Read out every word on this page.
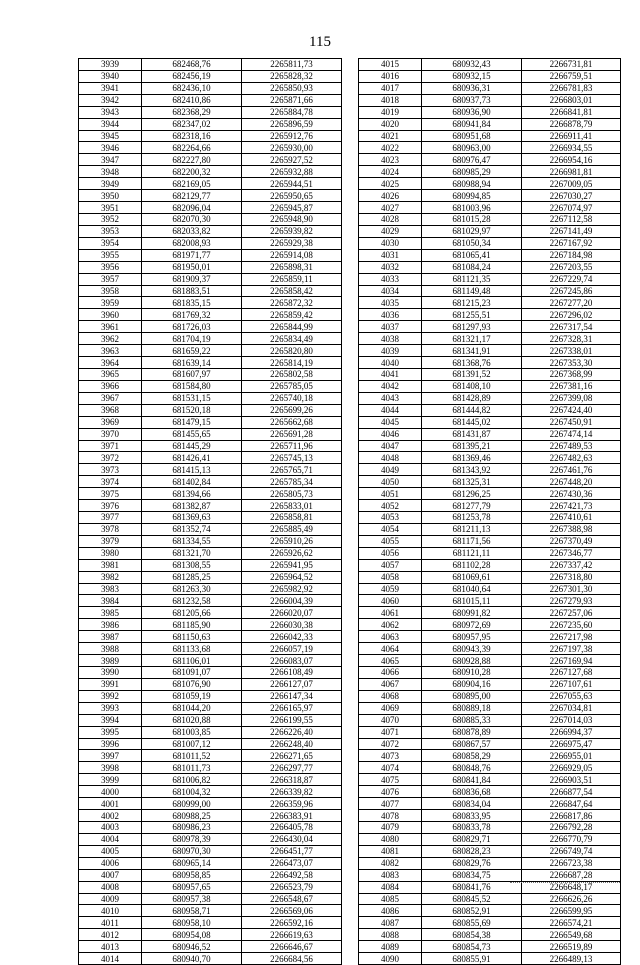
115
3939	682468,76	2265811,73
3940	682456,19	2265828,32
3941	682436,10	2265850,93
3942	682410,86	2265871,66
3943	682368,29	2265884,78
3944	682347,02	2265896,59
3945	682318,16	2265912,76
3946	682264,66	2265930,00
3947	682227,80	2265927,52
3948	682200,32	2265932,88
3949	682169,05	2265944,51
3950	682129,77	2265950,65
3951	682096,04	2265945,87
3952	682070,30	2265948,90
3953	682033,82	2265939,82
3954	682008,93	2265929,38
3955	681971,77	2265914,08
3956	681950,01	2265898,31
3957	681909,37	2265859,11
3958	681883,51	2265858,42
3959	681835,15	2265872,32
3960	681769,32	2265859,42
3961	681726,03	2265844,99
3962	681704,19	2265834,49
3963	681659,22	2265820,80
3964	681639,14	2265814,19
3965	681607,97	2265802,58
3966	681584,80	2265785,05
3967	681531,15	2265740,18
3968	681520,18	2265699,26
3969	681479,15	2265662,68
3970	681455,65	2265691,28
3971	681445,29	2265711,96
3972	681426,41	2265745,13
3973	681415,13	2265765,71
3974	681402,84	2265785,34
3975	681394,66	2265805,73
3976	681382,87	2265833,01
3977	681369,63	2265858,81
3978	681352,74	2265885,49
3979	681334,55	2265910,26
3980	681321,70	2265926,62
3981	681308,55	2265941,95
3982	681285,25	2265964,52
3983	681263,30	2265982,92
3984	681232,58	2266004,39
3985	681205,66	2266020,07
3986	681185,90	2266030,38
3987	681150,63	2266042,33
3988	681133,68	2266057,19
3989	681106,01	2266083,07
3990	681091,07	2266108,49
3991	681076,90	2266127,07
3992	681059,19	2266147,34
3993	681044,20	2266165,97
3994	681020,88	2266199,55
3995	681003,85	2266226,40
3996	681007,12	2266248,40
3997	681011,52	2266271,65
3998	681011,73	2266297,77
3999	681006,82	2266318,87
4000	681004,32	2266339,82
4001	680999,00	2266359,96
4002	680988,25	2266383,91
4003	680986,23	2266405,78
4004	680978,39	2266430,04
4005	680970,30	2266451,77
4006	680965,14	2266473,07
4007	680958,85	2266492,58
4008	680957,65	2266523,79
4009	680957,38	2266548,67
4010	680958,71	2266569,06
4011	680958,10	2266592,16
4012	680954,08	2266619,63
4013	680946,52	2266646,67
4014	680940,70	2266684,56
4015	680932,43	2266731,81
4016	680932,15	2266759,51
4017	680936,31	2266781,83
4018	680937,73	2266803,01
4019	680936,90	2266841,81
4020	680941,84	2266878,79
4021	680951,68	2266911,41
4022	680963,00	2266934,55
4023	680976,47	2266954,16
4024	680985,29	2266981,81
4025	680988,94	2267009,05
4026	680994,85	2267030,27
4027	681003,96	2267074,97
4028	681015,28	2267112,58
4029	681029,97	2267141,49
4030	681050,34	2267167,92
4031	681065,41	2267184,98
4032	681084,24	2267203,55
4033	681121,35	2267229,74
4034	681149,48	2267245,86
4035	681215,23	2267277,20
4036	681255,51	2267296,02
4037	681297,93	2267317,54
4038	681321,17	2267328,31
4039	681341,91	2267338,01
4040	681368,76	2267353,30
4041	681391,52	2267368,99
4042	681408,10	2267381,16
4043	681428,89	2267399,08
4044	681444,82	2267424,40
4045	681445,02	2267450,91
4046	681431,87	2267474,14
4047	681395,21	2267489,53
4048	681369,46	2267482,63
4049	681343,92	2267461,76
4050	681325,31	2267448,20
4051	681296,25	2267430,36
4052	681277,79	2267421,73
4053	681253,78	2267410,61
4054	681211,13	2267388,98
4055	681171,56	2267370,49
4056	681121,11	2267346,77
4057	681102,28	2267337,42
4058	681069,61	2267318,80
4059	681040,64	2267301,30
4060	681015,11	2267279,93
4061	680991,82	2267257,06
4062	680972,69	2267235,60
4063	680957,95	2267217,98
4064	680943,39	2267197,38
4065	680928,88	2267169,94
4066	680910,28	2267127,68
4067	680904,16	2267107,61
4068	680895,00	2267055,63
4069	680889,18	2267034,81
4070	680885,33	2267014,03
4071	680878,89	2266994,37
4072	680867,57	2266975,47
4073	680858,29	2266955,01
4074	680848,76	2266929,05
4075	680841,84	2266903,51
4076	680836,68	2266877,54
4077	680834,04	2266847,64
4078	680833,95	2266817,86
4079	680833,78	2266792,28
4080	680829,71	2266770,79
4081	680828,23	2266749,74
4082	680829,76	2266723,38
4083	680834,75	2266687,28
4084	680841,76	2266648,17
4085	680845,52	2266626,26
4086	680852,91	2266599,95
4087	680855,69	2266574,21
4088	680854,38	2266549,68
4089	680854,73	2266519,89
4090	680855,91	2266489,13
